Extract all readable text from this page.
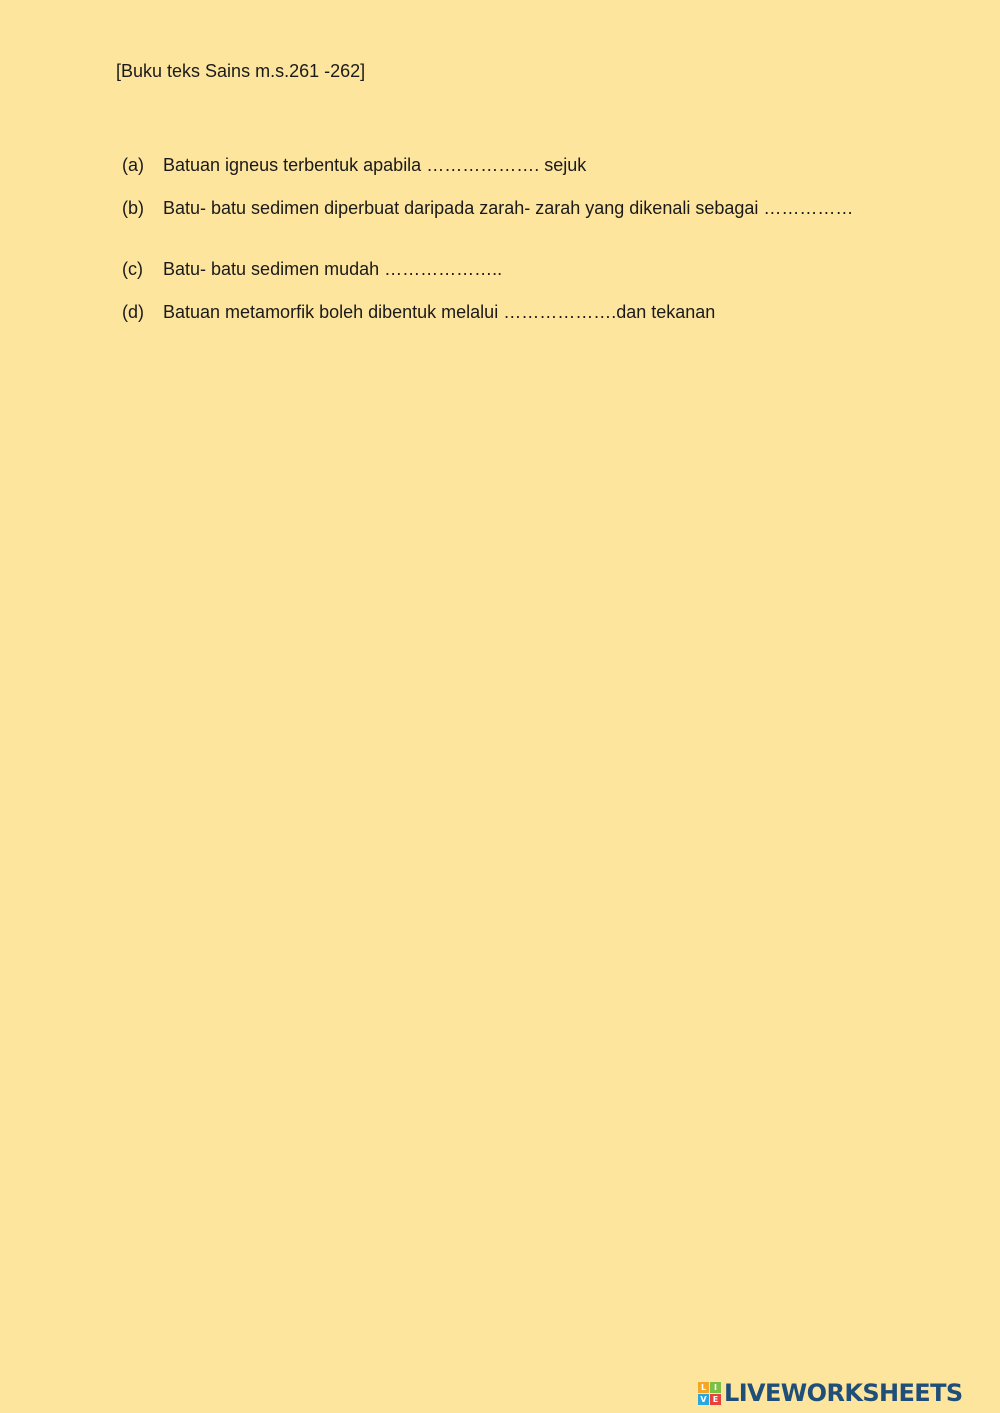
[Buku teks Sains m.s.261 -262]
(a) Batuan igneus terbentuk apabila ………………. sejuk
(b) Batu- batu sedimen diperbuat daripada zarah- zarah yang dikenali sebagai ……………
(c) Batu- batu sedimen mudah ………………..
(d) Batuan metamorfik boleh dibentuk melalui ……………….dan tekanan
L I
V E LIVEWORKSHEETS
